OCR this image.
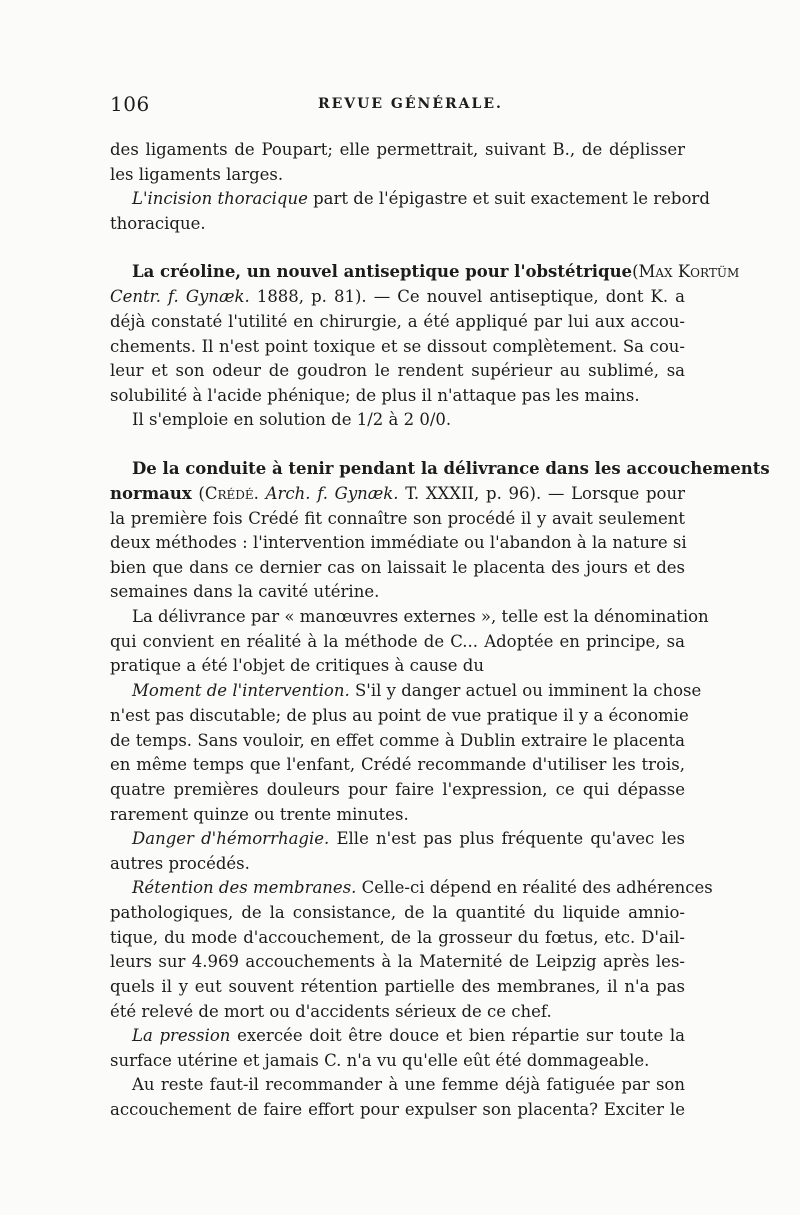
106	REVUE GÉNÉRALE.
des ligaments de Poupart; elle permettrait, suivant B., de déplisser
les ligaments larges.
L'incision thoracique part de l'épigastre et suit exactement le rebord
thoracique.
La créoline, un nouvel antiseptique pour l'obstétrique(Max Kortüm
Centr. f. Gynæk. 1888, p. 81). — Ce nouvel antiseptique, dont K. a
déjà constaté l'utilité en chirurgie, a été appliqué par lui aux accou-
chements. Il n'est point toxique et se dissout complètement. Sa cou-
leur et son odeur de goudron le rendent supérieur au sublimé, sa
solubilité à l'acide phénique; de plus il n'attaque pas les mains.
Il s'emploie en solution de 1/2 à 2 0/0.
De la conduite à tenir pendant la délivrance dans les accouchements
normaux (Crédé. Arch. f. Gynæk. T. XXXII, p. 96). — Lorsque pour
la première fois Crédé fit connaître son procédé il y avait seulement
deux méthodes : l'intervention immédiate ou l'abandon à la nature si
bien que dans ce dernier cas on laissait le placenta des jours et des
semaines dans la cavité utérine.
La délivrance par « manœuvres externes », telle est la dénomination
qui convient en réalité à la méthode de C... Adoptée en principe, sa
pratique a été l'objet de critiques à cause du
Moment de l'intervention. S'il y danger actuel ou imminent la chose
n'est pas discutable; de plus au point de vue pratique il y a économie
de temps. Sans vouloir, en effet comme à Dublin extraire le placenta
en même temps que l'enfant, Crédé recommande d'utiliser les trois,
quatre premières douleurs pour faire l'expression, ce qui dépasse
rarement quinze ou trente minutes.
Danger d'hémorrhagie. Elle n'est pas plus fréquente qu'avec les
autres procédés.
Rétention des membranes. Celle-ci dépend en réalité des adhérences
pathologiques, de la consistance, de la quantité du liquide amnio-
tique, du mode d'accouchement, de la grosseur du fœtus, etc. D'ail-
leurs sur 4.969 accouchements à la Maternité de Leipzig après les-
quels il y eut souvent rétention partielle des membranes, il n'a pas
été relevé de mort ou d'accidents sérieux de ce chef.
La pression exercée doit être douce et bien répartie sur toute la
surface utérine et jamais C. n'a vu qu'elle eût été dommageable.
Au reste faut-il recommander à une femme déjà fatiguée par son
accouchement de faire effort pour expulser son placenta? Exciter le
